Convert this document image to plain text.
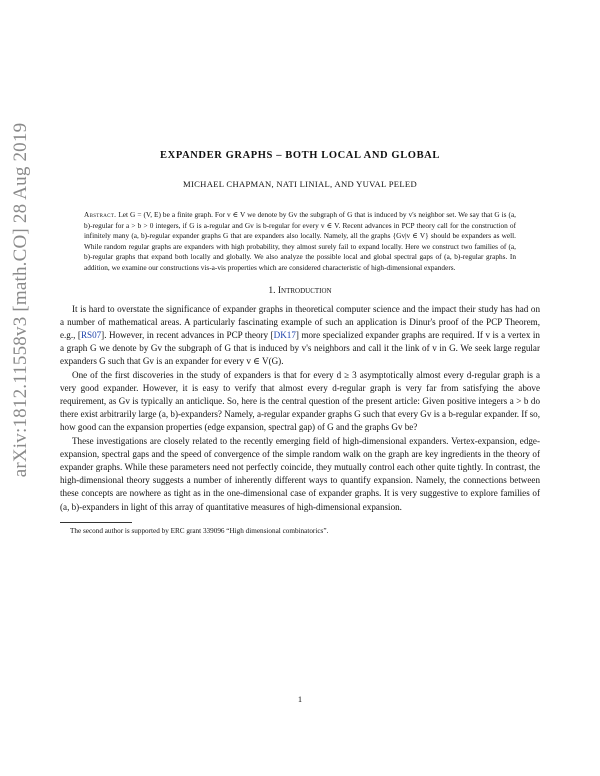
arXiv:1812.11558v3 [math.CO] 28 Aug 2019	EXPANDER GRAPHS – BOTH LOCAL AND GLOBAL
MICHAEL CHAPMAN, NATI LINIAL, AND YUVAL PELED
Abstract. Let G = (V, E) be a finite graph. For v ∈ V we denote by Gv the subgraph of G that is induced by v's neighbor set. We say that G is (a, b)-regular for a > b > 0 integers, if G is a-regular and Gv is b-regular for every v ∈ V. Recent advances in PCP theory call for the construction of infinitely many (a, b)-regular expander graphs G that are expanders also locally. Namely, all the graphs {Gv|v ∈ V} should be expanders as well. While random regular graphs are expanders with high probability, they almost surely fail to expand locally. Here we construct two families of (a, b)-regular graphs that expand both locally and globally. We also analyze the possible local and global spectral gaps of (a, b)-regular graphs. In addition, we examine our constructions vis-a-vis properties which are considered characteristic of high-dimensional expanders.
1. Introduction

It is hard to overstate the significance of expander graphs in theoretical computer science and the impact their study has had on a number of mathematical areas. A particularly fascinating example of such an application is Dinur's proof of the PCP Theorem, e.g., [RS07]. However, in recent advances in PCP theory [DK17] more specialized expander graphs are required. If v is a vertex in a graph G we denote by Gv the subgraph of G that is induced by v's neighbors and call it the link of v in G. We seek large regular expanders G such that Gv is an expander for every v ∈ V(G).

One of the first discoveries in the study of expanders is that for every d ≥ 3 asymptotically almost every d-regular graph is a very good expander. However, it is easy to verify that almost every d-regular graph is very far from satisfying the above requirement, as Gv is typically an anticlique. So, here is the central question of the present article: Given positive integers a > b do there exist arbitrarily large (a, b)-expanders? Namely, a-regular expander graphs G such that every Gv is a b-regular expander. If so, how good can the expansion properties (edge expansion, spectral gap) of G and the graphs Gv be?

These investigations are closely related to the recently emerging field of high-dimensional expanders. Vertex-expansion, edge-expansion, spectral gaps and the speed of convergence of the simple random walk on the graph are key ingredients in the theory of expander graphs. While these parameters need not perfectly coincide, they mutually control each other quite tightly. In contrast, the high-dimensional theory suggests a number of inherently different ways to quantify expansion. Namely, the connections between these concepts are nowhere as tight as in the one-dimensional case of expander graphs. It is very suggestive to explore families of (a, b)-expanders in light of this array of quantitative measures of high-dimensional expansion.

The second author is supported by ERC grant 339096 “High dimensional combinatorics”.

1
